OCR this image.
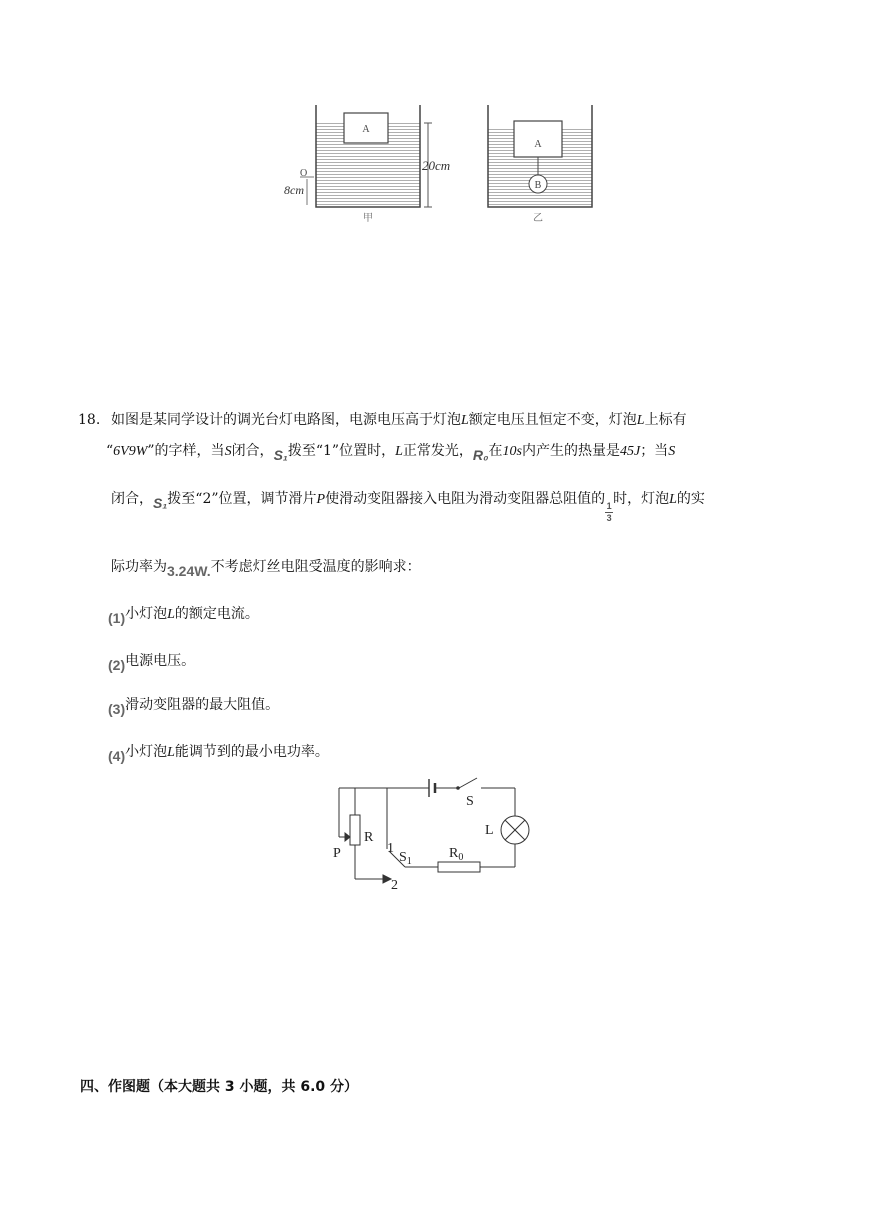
A
20cm
O
8cm
甲
A
B
乙
18. 如图是某同学设计的调光台灯电路图，电源电压高于灯泡L额定电压且恒定不变，灯泡L上标有
“6V9W”的字样，当S闭合，S₁拨至“1”位置时，L正常发光，R₀在10s内产生的热量是45J；当S
闭合，S₁拨至“2”位置，调节滑片P使滑动变阻器接入电阻为滑动变阻器总阻值的$\frac{1}{3}$时，灯泡L的实
际功率为3.24W.不考虑灯丝电阻受温度的影响求：
(1)小灯泡L的额定电流。
(2)电源电压。
(3)滑动变阻器的最大阻值。
(4)小灯泡L能调节到的最小电功率。
S
L
R
P	1
$S_1$
$R_0$
2
四、作图题（本大题共 3 小题，共 6.0 分）
